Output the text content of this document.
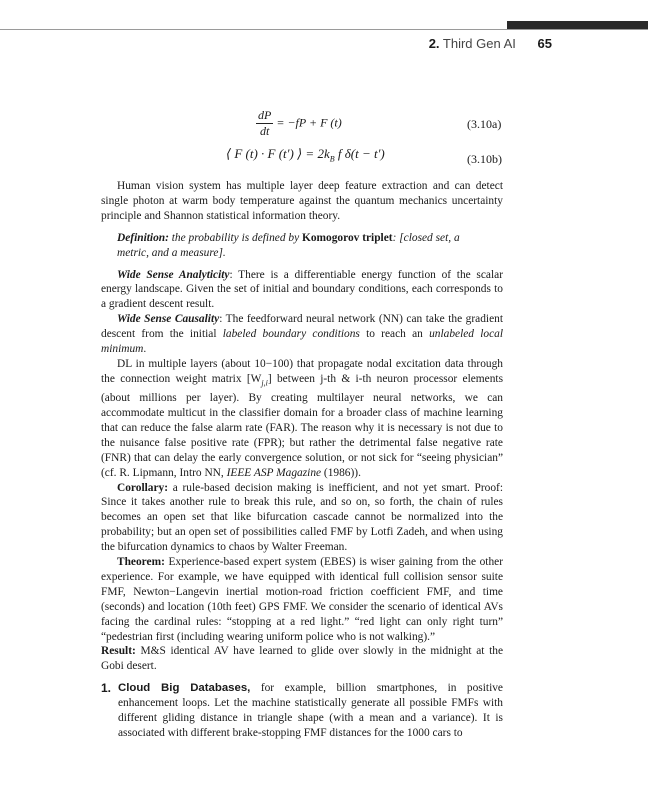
2. Third Gen AI 65
$\frac{dP}{dt} = -fP + F$ (t)	(3.10a)
⟨ F (t) · F (t′) ⟩ = $2k_B$ f δ(t − t′)	(3.10b)

Human vision system has multiple layer deep feature extraction and can detect single photon at warm body temperature against the quantum mechanics uncertainty principle and Shannon statistical information theory.

Definition: the probability is defined by Komogorov triplet: [closed set, a metric, and a measure].

Wide Sense Analyticity: There is a differentiable energy function of the scalar energy landscape. Given the set of initial and boundary conditions, each corresponds to a gradient descent result.

Wide Sense Causality: The feedforward neural network (NN) can take the gradient descent from the initial labeled boundary conditions to reach an unlabeled local minimum.

DL in multiple layers (about 10−100) that propagate nodal excitation data through the connection weight matrix $[W_{j,i}]$ between j-th & i-th neuron processor elements (about millions per layer). By creating multilayer neural networks, we can accommodate multicut in the classifier domain for a broader class of machine learning that can reduce the false alarm rate (FAR). The reason why it is necessary is not due to the nuisance false positive rate (FPR); but rather the detrimental false negative rate (FNR) that can delay the early convergence solution, or not sick for “seeing physician” (cf. R. Lipmann, Intro NN, IEEE ASP Magazine (1986)).

Corollary: a rule-based decision making is inefficient, and not yet smart. Proof: Since it takes another rule to break this rule, and so on, so forth, the chain of rules becomes an open set that like bifurcation cascade cannot be normalized into the probability; but an open set of possibilities called FMF by Lotfi Zadeh, and when using the bifurcation dynamics to chaos by Walter Freeman.

Theorem: Experience-based expert system (EBES) is wiser gaining from the other experience. For example, we have equipped with identical full collision sensor suite FMF, Newton−Langevin inertial motion-road friction coefficient FMF, and time (seconds) and location (10th feet) GPS FMF. We consider the scenario of identical AVs facing the cardinal rules: “stopping at a red light.” “red light can only right turn” “pedestrian first (including wearing uniform police who is not walking).”
Result: M&S identical AV have learned to glide over slowly in the midnight at the Gobi desert.

1. Cloud Big Databases, for example, billion smartphones, in positive enhancement loops. Let the machine statistically generate all possible FMFs with different gliding distance in triangle shape (with a mean and a variance). It is associated with different brake-stopping FMF distances for the 1000 cars to
